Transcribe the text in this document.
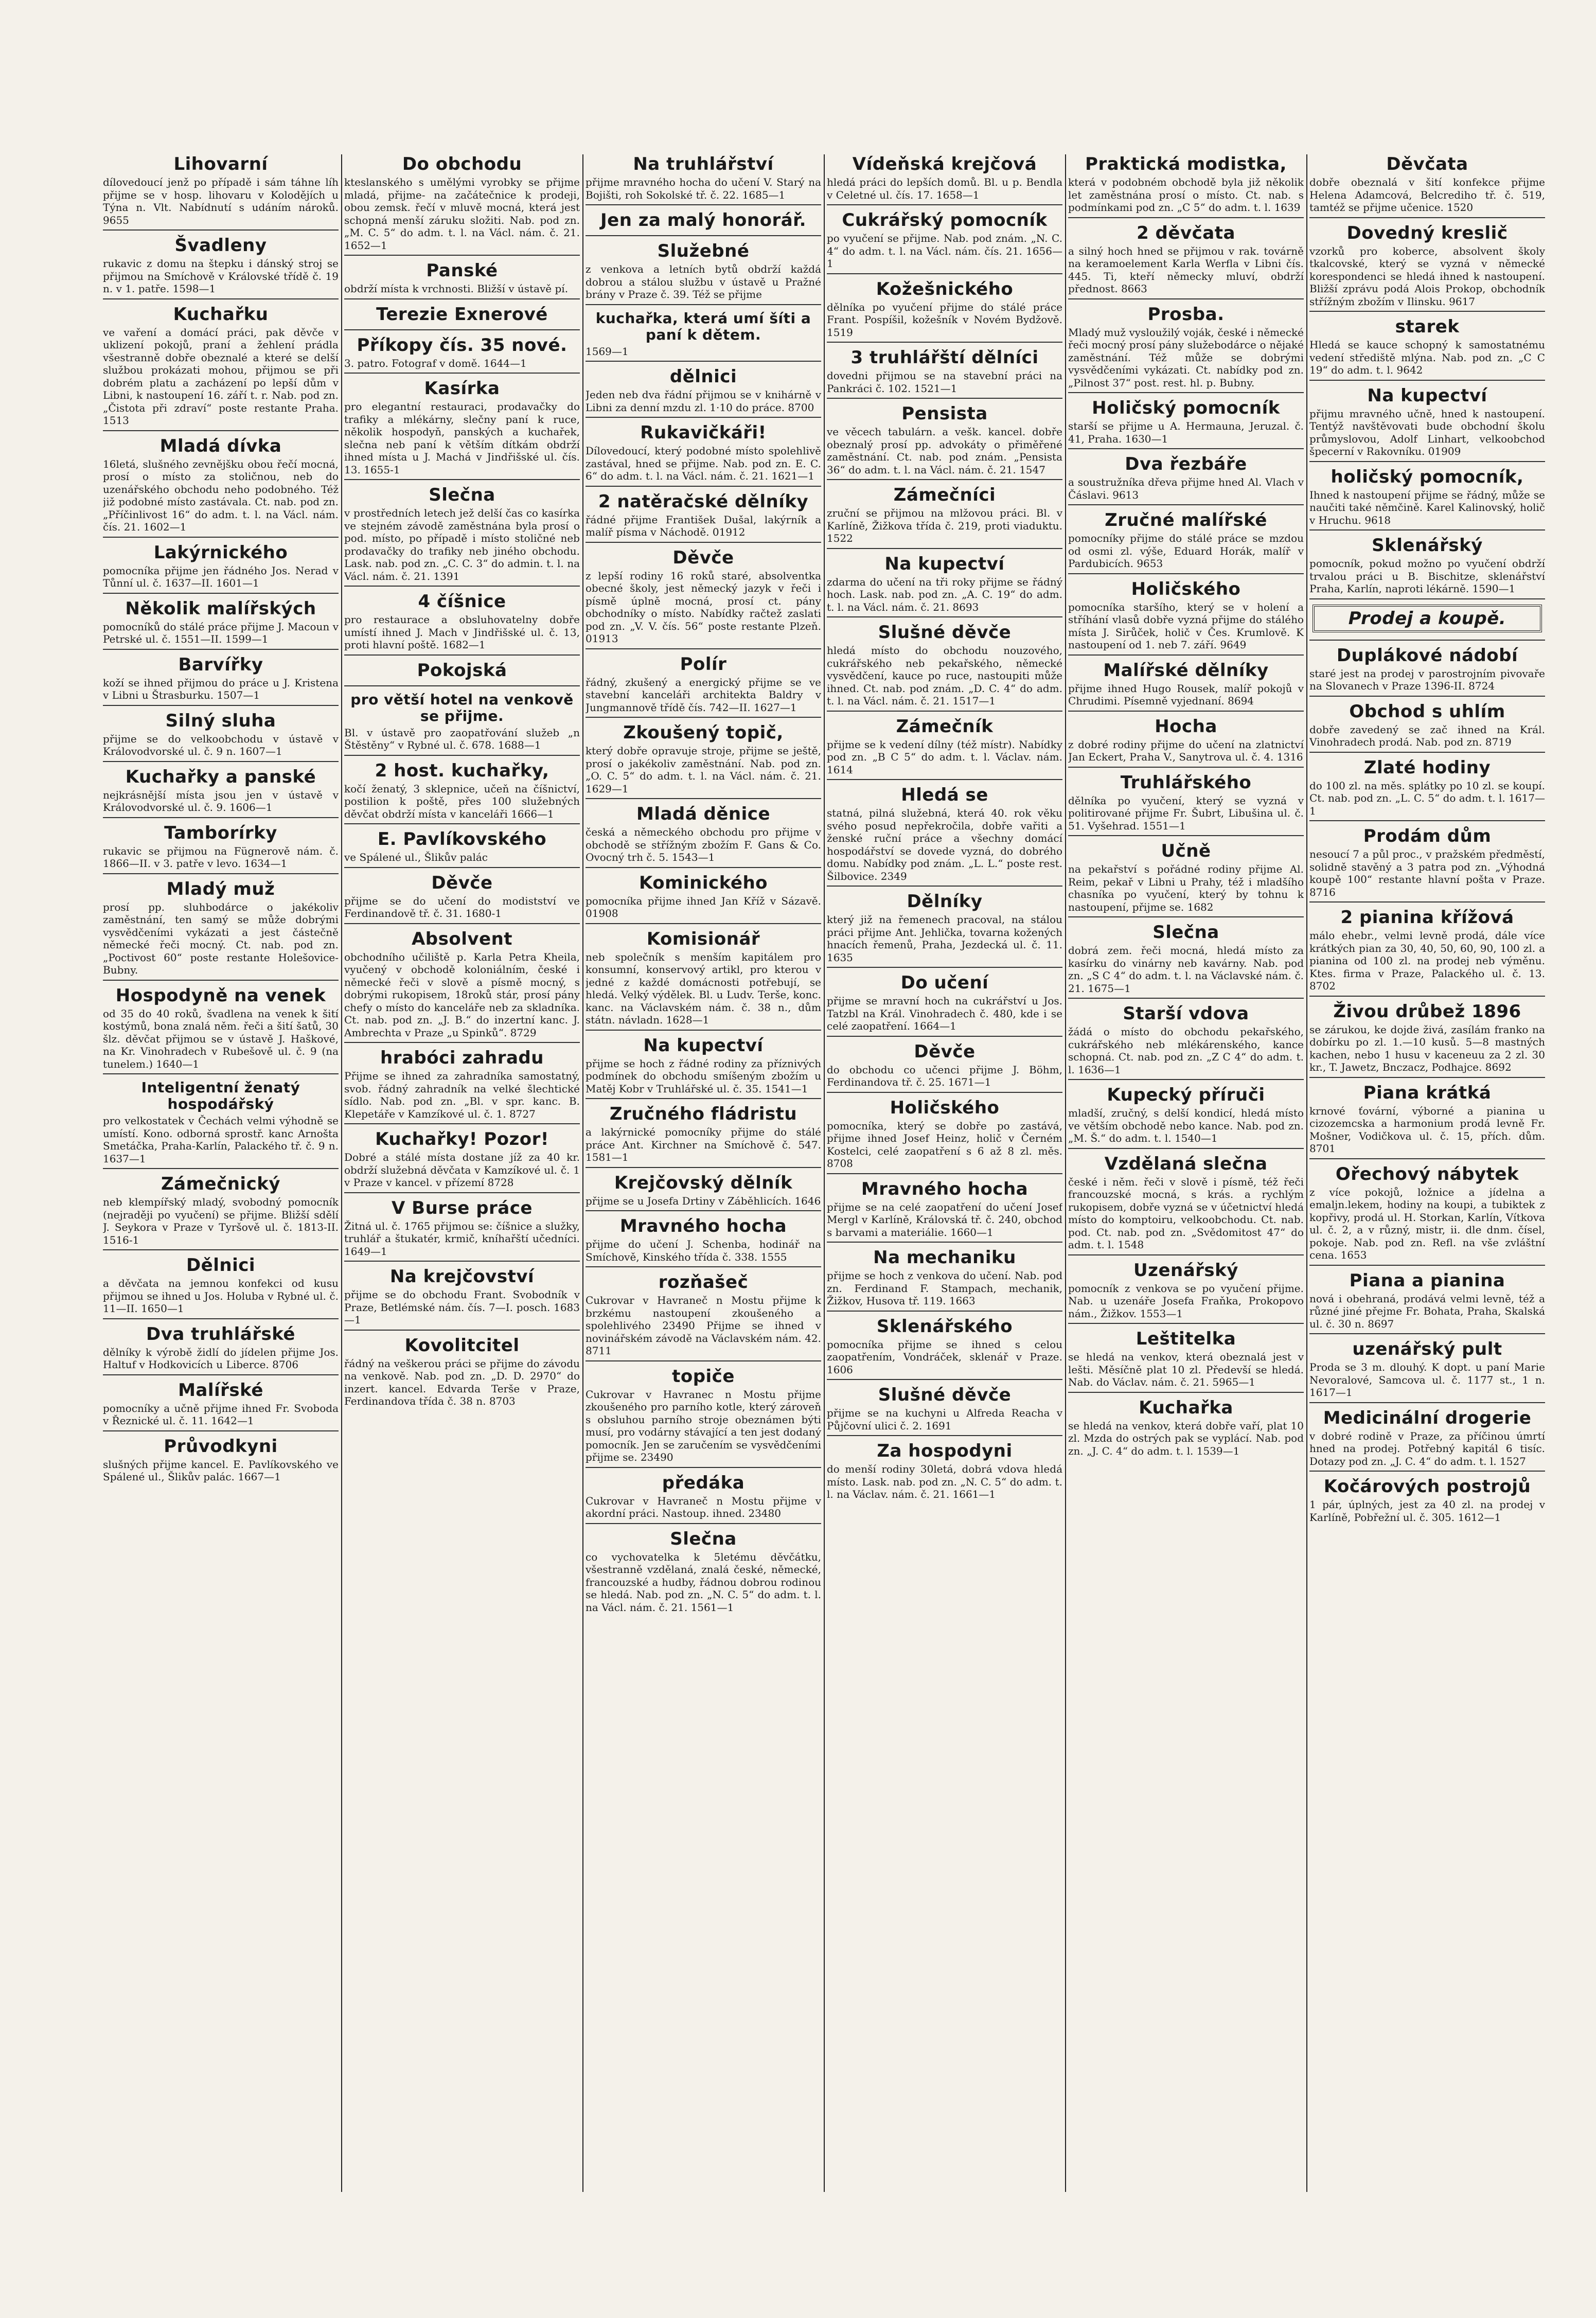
Lihovarní

dílovedoucí jenž po případě i sám táhne líh přijme se v hosp. lihovaru v Kolodějích u Týna n. Vlt. Nabídnutí s udáním nároků. 9655

Švadleny

rukavic z domu na štepku i dánský stroj se přijmou na Smíchově v Královské třídě č. 19 n. v 1. patře. 1598—1

Kuchařku

ve vaření a domácí práci, pak děvče v uklizení pokojů, praní a žehlení prádla všestranně dobře obeznalé a které se delší službou prokázati mohou, přijmou se při dobrém platu a zacházení po lepší dům v Libni, k nastoupení 16. září t. r. Nab. pod zn. „Čistota při zdraví“ poste restante Praha. 1513

Mladá dívka

16letá, slušného zevnějšku obou řečí mocná, prosí o místo za stoličnou, neb do uzenářského obchodu neho podobného. Též již podobné místo zastávala. Ct. nab. pod zn. „Příčinlivost 16“ do adm. t. l. na Václ. nám. čís. 21. 1602—1

Lakýrnického

pomocníka přijme jen řádného Jos. Nerad v Tůnní ul. č. 1637—II. 1601—1

Několik malířských

pomocníků do stálé práce přijme J. Macoun v Petrské ul. č. 1551—II. 1599—1

Barvířky

koží se ihned přijmou do práce u J. Kristena v Libni u Štrasburku. 1507—1

Silný sluha

přijme se do velkoobchodu v ústavě v Královodvorské ul. č. 9 n. 1607—1

Kuchařky a panské

nejkrásnější místa jsou jen v ústavě v Královodvorské ul. č. 9. 1606—1

Tamborírky

rukavic se přijmou na Fügnerově nám. č. 1866—II. v 3. patře v levo. 1634—1

Mladý muž

prosí pp. sluhbodárce o jakékoliv zaměstnání, ten samý se může dobrými vysvědčeními vykázati a jest částečně německé řeči mocný. Ct. nab. pod zn. „Poctivost 60“ poste restante Holešovice-Bubny.

Hospodyně na venek

od 35 do 40 roků, švadlena na venek k šití kostýmů, bona znalá něm. řeči a šití šatů, 30 šlz. děvčat přijmou se v ústavě J. Haškové, na Kr. Vinohradech v Rubešově ul. č. 9 (na tunelem.) 1640—1

Inteligentní ženatý hospodářský

pro velkostatek v Čechách velmi výhodně se umístí. Kono. odborná sprostř. kanc Arnošta Smetáčka, Praha-Karlín, Palackého tř. č. 9 n. 1637—1

Zámečnický

neb klempířský mladý, svobodný pomocník (nejraději po vyučení) se přijme. Bližší sdělí J. Seykora v Praze v Tyršově ul. č. 1813-II. 1516-1

Dělnici

a děvčata na jemnou konfekci od kusu přijmou se ihned u Jos. Holuba v Rybné ul. č. 11—II. 1650—1

Dva truhlářské

dělníky k výrobě židlí do jídelen přijme Jos. Haltuf v Hodkovicích u Liberce. 8706

Malířské

pomocníky a učně přijme ihned Fr. Svoboda v Řeznické ul. č. 11. 1642—1

Průvodkyni

slušných přijme kancel. E. Pavlíkovského ve Spálené ul., Šlikův palác. 1667—1

Do obchodu

kteslanského s umělými vyrobky se přijme mladá, přijme- na začátečnice k prodeji, obou zemsk. řečí v mluvě mocná, která jest schopná menší záruku složiti. Nab. pod zn. „M. C. 5“ do adm. t. l. na Václ. nám. č. 21. 1652—1

Panské

obdrží místa k vrchnosti. Bližší v ústavě pí.

Terezie Exnerové
Příkopy čís. 35 nové.

3. patro. Fotograf v domě. 1644—1

Kasírka

pro elegantní restauraci, prodavačky do trafiky a mlékárny, slečny paní k ruce, několik hospodyň, panských a kuchařek, slečna neb paní k větším dítkám obdrží ihned místa u J. Machá v Jindřišské ul. čís. 13. 1655-1

Slečna

v prostředních letech jež delší čas co kasírka ve stejném závodě zaměstnána byla prosí o pod. místo, po případě i místo stoličné neb prodavačky do trafiky neb jiného obchodu. Lask. nab. pod zn. „C. C. 3“ do admin. t. l. na Václ. nám. č. 21. 1391

4 číšnice

pro restaurace a obsluhovatelny dobře umístí ihned J. Mach v Jindřišské ul. č. 13, proti hlavní poště. 1682—1

Pokojská
pro větší hotel na venkově se přijme.

Bl. v ústavě pro zaopatřování služeb „n Štěstěny“ v Rybné ul. č. 678. 1688—1

2 host. kuchařky,

kočí ženatý, 3 sklepnice, učeň na číšnictví, postilion k poště, přes 100 služebných děvčat obdrží místa v kanceláři 1666—1

E. Pavlíkovského

ve Spálené ul., Šlikův palác

Děvče

přijme se do učení do modistství ve Ferdinandově tř. č. 31. 1680-1

Absolvent

obchodního učiliště p. Karla Petra Kheila, vyučený v obchodě koloniálním, české i německé řeči v slově a písmě mocný, s dobrými rukopisem, 18roků stár, prosí pány chefy o místo do kanceláře neb za skladníka. Ct. nab. pod zn. „J. B.“ do inzertní kanc. J. Ambrechta v Praze „u Spinků“. 8729

hrabóci zahradu

Přijme se ihned za zahradníka samostatný, svob. řádný zahradník na velké šlechtické sídlo. Nab. pod zn. „Bl. v spr. kanc. B. Klepetáře v Kamzíkové ul. č. 1. 8727

Kuchařky! Pozor!

Dobré a stálé místa dostane jíž za 40 kr. obdrží služebná děvčata v Kamzíkové ul. č. 1 v Praze v kancel. v přízemí 8728

V Burse práce

Žitná ul. č. 1765 přijmou se: číšnice a služky, truhlář a štukatér, krmič, kníhařští učedníci. 1649—1

Na krejčovství

přijme se do obchodu Frant. Svobodník v Praze, Betlémské nám. čís. 7—I. posch. 1683—1

Kovolitcitel

řádný na veškerou práci se přijme do závodu na venkově. Nab. pod zn. „D. D. 2970“ do inzert. kancel. Edvarda Terše v Praze, Ferdinandova třída č. 38 n. 8703

Na truhlářství

přijme mravného hocha do učení V. Starý na Bojišti, roh Sokolské tř. č. 22. 1685—1

Jen za malý honorář.
Služebné

z venkova a letních bytů obdrží každá dobrou a stálou službu v ústavě u Pražné brány v Praze č. 39. Též se přijme

kuchařka, která umí šíti a paní k dětem.

1569—1

dělnici

Jeden neb dva řádní přijmou se v knihárně v Libni za denní mzdu zl. 1·10 do práce. 8700

Rukavičkáři!

Dílovedoucí, který podobné místo spolehlivě zastával, hned se přijme. Nab. pod zn. E. C. 6“ do adm. t. l. na Václ. nám. č. 21. 1621—1

2 natěračské dělníky

řádné přijme František Dušal, lakýrník a malíř písma v Náchodě. 01912

Děvče

z lepší rodiny 16 roků staré, absolventka obecné školy, jest německý jazyk v řeči i písmě úplně mocná, prosí ct. pány obchodníky o místo. Nabídky račtež zaslati pod zn. „V. V. čís. 56“ poste restante Plzeň. 01913

Polír

řádný, zkušený a energický přijme se ve stavební kanceláři architekta Baldry v Jungmannově třídě čís. 742—II. 1627—1

Zkoušený topič,

který dobře opravuje stroje, přijme se ještě, prosí o jakékoliv zaměstnání. Nab. pod zn. „O. C. 5“ do adm. t. l. na Václ. nám. č. 21. 1629—1

Mladá děnice

česká a německého obchodu pro přijme v obchodě se střížným zbožím F. Gans & Co. Ovocný trh č. 5. 1543—1

Kominického

pomocníka přijme ihned Jan Kříž v Sázavě. 01908

Komisionář

neb společník s menším kapitálem pro konsumní, konservový artikl, pro kterou v jedné z každé domácnosti potřebují, se hledá. Velký výdělek. Bl. u Ludv. Terše, konc. kanc. na Václavském nám. č. 38 n., dům státn. návladn. 1628—1

Na kupectví

přijme se hoch z řádné rodiny za příznivých podmínek do obchodu smíšeným zbožím u Matěj Kobr v Truhlářské ul. č. 35. 1541—1

Zručného fládristu

a lakýrnické pomocníky přijme do stálé práce Ant. Kirchner na Smíchově č. 547. 1581—1

Krejčovský dělník

přijme se u Josefa Drtiny v Záběhlicích. 1646

Mravného hocha

přijme do učení J. Schenba, hodinář na Smíchově, Kinského třída č. 338. 1555

rozňašeč

Cukrovar v Havraneč n Mostu přijme k brzkému nastoupení zkoušeného a spolehlivého 23490 Přijme se ihned v novinářském závodě na Václavském nám. 42. 8711

topiče

Cukrovar v Havranec n Mostu přijme zkoušeného pro parního kotle, který zároveň s obsluhou parního stroje obeznámen býti musí, pro vodárny stávající a ten jest dodaný pomocník. Jen se zaručením se vysvědčeními přijme se. 23490

předáka

Cukrovar v Havraneč n Mostu přijme v akordní práci. Nastoup. ihned. 23480

Slečna

co vychovatelka k 5letému děvčátku, všestranně vzdělaná, znalá české, německé, francouzské a hudby, řádnou dobrou rodinou se hledá. Nab. pod zn. „N. C. 5“ do adm. t. l. na Václ. nám. č. 21. 1561—1

Vídeňská krejčová

hledá práci do lepších domů. Bl. u p. Bendla v Celetné ul. čís. 17. 1658—1

Cukrářský pomocník

po vyučení se přijme. Nab. pod znám. „N. C. 4“ do adm. t. l. na Václ. nám. čís. 21. 1656—1

Kožešnického

dělníka po vyučení přijme do stálé práce Frant. Pospíšil, kožešník v Novém Bydžově. 1519

3 truhlářští dělníci

dovedni přijmou se na stavební práci na Pankráci č. 102. 1521—1

Pensista

ve věcech tabulárn. a vešk. kancel. dobře obeznalý prosí pp. advokáty o přiměřené zaměstnání. Ct. nab. pod znám. „Pensista 36“ do adm. t. l. na Václ. nám. č. 21. 1547

Zámečníci

zruční se přijmou na mlžovou práci. Bl. v Karlíně, Žižkova třída č. 219, proti viaduktu. 1522

Na kupectví

zdarma do učení na tři roky přijme se řádný hoch. Lask. nab. pod zn. „A. C. 19“ do adm. t. l. na Václ. nám. č. 21. 8693

Slušné děvče

hledá místo do obchodu nouzového, cukrářského neb pekařského, německé vysvědčení, kauce po ruce, nastoupiti může ihned. Ct. nab. pod znám. „D. C. 4“ do adm. t. l. na Václ. nám. č. 21. 1517—1

Zámečník

přijme se k vedení dílny (též místr). Nabídky pod zn. „B C 5“ do adm. t. l. Václav. nám. 1614

Hledá se

statná, pilná služebná, která 40. rok věku svého posud nepřekročila, dobře vařiti a ženské ruční práce a všechny domácí hospodářství se dovede vyzná, do dobrého domu. Nabídky pod znám. „L. L.“ poste rest. Šilbovice. 2349

Dělníky

který již na řemenech pracoval, na stálou práci přijme Ant. Jehlička, tovarna kožených hnacích řemenů, Praha, Jezdecká ul. č. 11. 1635

Do učení

přijme se mravní hoch na cukrářství u Jos. Tatzbl na Král. Vinohradech č. 480, kde i se celé zaopatření. 1664—1

Děvče

do obchodu co učenci přijme J. Böhm, Ferdinandova tř. č. 25. 1671—1

Holičského

pomocníka, který se dobře po zastává, přijme ihned Josef Heinz, holič v Černém Kostelci, celé zaopatření s 6 až 8 zl. měs. 8708

Mravného hocha

přijme se na celé zaopatření do učení Josef Mergl v Karlíně, Královská tř. č. 240, obchod s barvami a materiálie. 1660—1

Na mechaniku

přijme se hoch z venkova do učení. Nab. pod zn. Ferdinand F. Stampach, mechanik, Žižkov, Husova tř. 119. 1663

Sklenářského

pomocníka přijme se ihned s celou zaopatřením, Vondráček, sklenář v Praze. 1606

Slušné děvče

přijme se na kuchyni u Alfreda Reacha v Půjčovní ulici č. 2. 1691

Za hospodyni

do menší rodiny 30letá, dobrá vdova hledá místo. Lask. nab. pod zn. „N. C. 5“ do adm. t. l. na Václav. nám. č. 21. 1661—1

Praktická modistka,

která v podobném obchodě byla již několik let zaměstnána prosí o místo. Ct. nab. s podmínkami pod zn. „C 5“ do adm. t. l. 1639

2 děvčata

a silný hoch hned se přijmou v rak. továrně na keramoelement Karla Werfla v Libni čís. 445. Ti, kteří německy mluví, obdrží přednost. 8663

Prosba.

Mladý muž vysloužilý voják, české i německé řeči mocný prosí pány služebodárce o nějaké zaměstnání. Též může se dobrými vysvědčeními vykázati. Ct. nabídky pod zn. „Pilnost 37“ post. rest. hl. p. Bubny.

Holičský pomocník

starší se přijme u A. Hermauna, Jeruzal. č. 41, Praha. 1630—1

Dva řezbáře

a soustružníka dřeva přijme hned Al. Vlach v Čáslavi. 9613

Zručné malířské

pomocníky přijme do stálé práce se mzdou od osmi zl. výše, Eduard Horák, malíř v Pardubicích. 9653

Holičského

pomocníka staršího, který se v holení a stříhání vlasů dobře vyzná přijme do stálého místa J. Sirůček, holič v Čes. Krumlově. K nastoupení od 1. neb 7. září. 9649

Malířské dělníky

přijme ihned Hugo Rousek, malíř pokojů v Chrudimi. Písemně vyjednaní. 8694

Hocha

z dobré rodiny přijme do učení na zlatnictví Jan Eckert, Praha V., Sanytrova ul. č. 4. 1316

Truhlářského

dělníka po vyučení, který se vyzná v politirované přijme Fr. Šubrt, Libušina ul. č. 51. Vyšehrad. 1551—1

Učně

na pekařství s pořádné rodiny přijme Al. Reim, pekař v Libni u Prahy, též i mladšího chasníka po vyučení, který by tohnu k nastoupení, přijme se. 1682

Slečna

dobrá zem. řeči mocná, hledá místo za kasírku do vinárny neb kavárny. Nab. pod zn. „S C 4“ do adm. t. l. na Václavské nám. č. 21. 1675—1

Starší vdova

žádá o místo do obchodu pekařského, cukrářského neb mlékárenského, kance schopná. Ct. nab. pod zn. „Z C 4“ do adm. t. l. 1636—1

Kupecký příruči

mladší, zručný, s delší kondicí, hledá místo ve větším obchodě nebo kance. Nab. pod zn. „M. Š.“ do adm. t. l. 1540—1

Vzdělaná slečna

české i něm. řeči v slově i písmě, též řeči francouzské mocná, s krás. a rychlým rukopisem, dobře vyzná se v účetnictví hledá místo do komptoiru, velkoobchodu. Ct. nab. pod. Ct. nab. pod zn. „Svědomitost 47“ do adm. t. l. 1548

Uzenářský

pomocník z venkova se po vyučení přijme. Nab. u uzenáře Josefa Fraňka, Prokopovo nám., Žižkov. 1553—1

Leštitelka

se hledá na venkov, která obeznalá jest v lešti. Měsíčně plat 10 zl. Předevší se hledá. Nab. do Václav. nám. č. 21. 5965—1

Kuchařka

se hledá na venkov, která dobře vaří, plat 10 zl. Mzda do ostrých pak se vyplácí. Nab. pod zn. „J. C. 4“ do adm. t. l. 1539—1

Děvčata

dobře obeznalá v šití konfekce přijme Helena Adamcová, Belcrediho tř. č. 519, tamtéž se přijme učenice. 1520

Dovedný kreslič

vzorků pro koberce, absolvent školy tkalcovské, který se vyzná v německé korespondenci se hledá ihned k nastoupení. Bližší zprávu podá Alois Prokop, obchodník střížným zbožím v Ilinsku. 9617

starek

Hledá se kauce schopný k samostatnému vedení střediště mlýna. Nab. pod zn. „C C 19“ do adm. t. l. 9642

Na kupectví

přijmu mravného učně, hned k nastoupení. Tentýž navštěvovati bude obchodní školu průmyslovou, Adolf Linhart, velkoobchod špecerní v Rakovníku. 01909

holičský pomocník,

Ihned k nastoupení přijme se řádný, může se naučiti také němčině. Karel Kalinovský, holič v Hruchu. 9618

Sklenářský

pomocník, pokud možno po vyučení obdrží trvalou práci u B. Bischitze, sklenářství Praha, Karlín, naproti lékárně. 1590—1

Prodej a koupě.
Duplákové nádobí

staré jest na prodej v parostrojním pivovaře na Slovanech v Praze 1396-II. 8724

Obchod s uhlím

dobře zavedený se zač ihned na Král. Vinohradech prodá. Nab. pod zn. 8719

Zlaté hodiny

do 100 zl. na měs. splátky po 10 zl. se koupí. Ct. nab. pod zn. „L. C. 5“ do adm. t. l. 1617—1

Prodám dům

nesoucí 7 a půl proc., v pražském předměstí, solidně stavěný a 3 patra pod zn. „Výhodná koupě 100“ restante hlavní pošta v Praze. 8716

2 pianina křížová

málo ehebr., velmi levně prodá, dále více krátkých pian za 30, 40, 50, 60, 90, 100 zl. a pianina od 100 zl. na prodej neb výměnu. Ktes. firma v Praze, Palackého ul. č. 13. 8702

Živou drůbež 1896

se zárukou, ke dojde živá, zasílám franko na dobírku po zl. 1.—10 kusů. 5—8 mastných kachen, nebo 1 husu v kaceneuu za 2 zl. 30 kr., T. Jawetz, Bnczacz, Podhajce. 8692

Piana krátká

krnové ťovární, výborné a pianina u cizozemcska a harmonium prodá levně Fr. Mošner, Vodičkova ul. č. 15, přích. dům. 8701

Ořechový nábytek

z více pokojů, ložnice a jídelna a emaljn.lekem, hodiny na koupi, a tubiktek z kopřivy, prodá ul. H. Storkan, Karlín, Vítkova ul. č. 2, a v různý, mistr, ii. dle dnm. čísel, pokoje. Nab. pod zn. Refl. na vše zvláštní cena. 1653

Piana a pianina

nová i obehraná, prodává velmi levně, též a různé jiné přejme Fr. Bohata, Praha, Skalská ul. č. 30 n. 8697

uzenářský pult

Proda se 3 m. dlouhý. K dopt. u paní Marie Nevoralové, Samcova ul. č. 1177 st., 1 n. 1617—1

Medicinální drogerie

v dobré rodině v Praze, za příčinou úmrtí hned na prodej. Potřebný kapitál 6 tisíc. Dotazy pod zn. „J. C. 4“ do adm. t. l. 1527

Kočárových postrojů

1 pár, úplných, jest za 40 zl. na prodej v Karlíně, Pobřežní ul. č. 305. 1612—1
